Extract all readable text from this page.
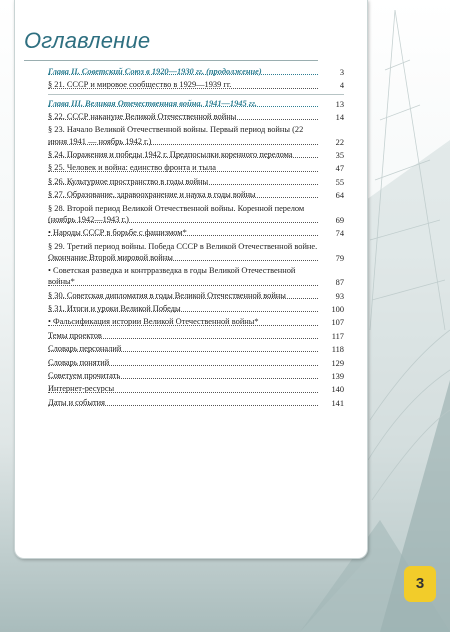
Оглавление
Глава II. Советский Союз в 1920—1930 гг. (продолжение)	3
§ 21. СССР и мировое сообщество в 1929—1939 гг.	4
Глава III. Великая Отечественная война. 1941—1945 гг.	13
§ 22. СССР накануне Великой Отечественной войны	14
§ 23. Начало Великой Отечественной войны. Первый период войны (22 июня 1941 — ноябрь 1942 г.)	22
§ 24. Поражения и победы 1942 г. Предпосылки коренного перелома	35
§ 25. Человек и война: единство фронта и тыла	47
§ 26. Культурное пространство в годы войны	55
§ 27. Образование, здравоохранение и наука в годы войны	64
§ 28. Второй период Великой Отечественной войны. Коренной перелом (ноябрь 1942—1943 г.)	69
• Народы СССР в борьбе с фашизмом*	74
§ 29. Третий период войны. Победа СССР в Великой Отечественной войне. Окончание Второй мировой войны	79
• Советская разведка и контрразведка в годы Великой Отечественной войны*	87
§ 30. Советская дипломатия в годы Великой Отечественной войны	93
§ 31. Итоги и уроки Великой Победы	100
• Фальсификация истории Великой Отечественной войны*	107
Темы проектов	117
Словарь персоналий	118
Словарь понятий	129
Советуем прочитать	139
Интернет-ресурсы	140
Даты и события	141
3
